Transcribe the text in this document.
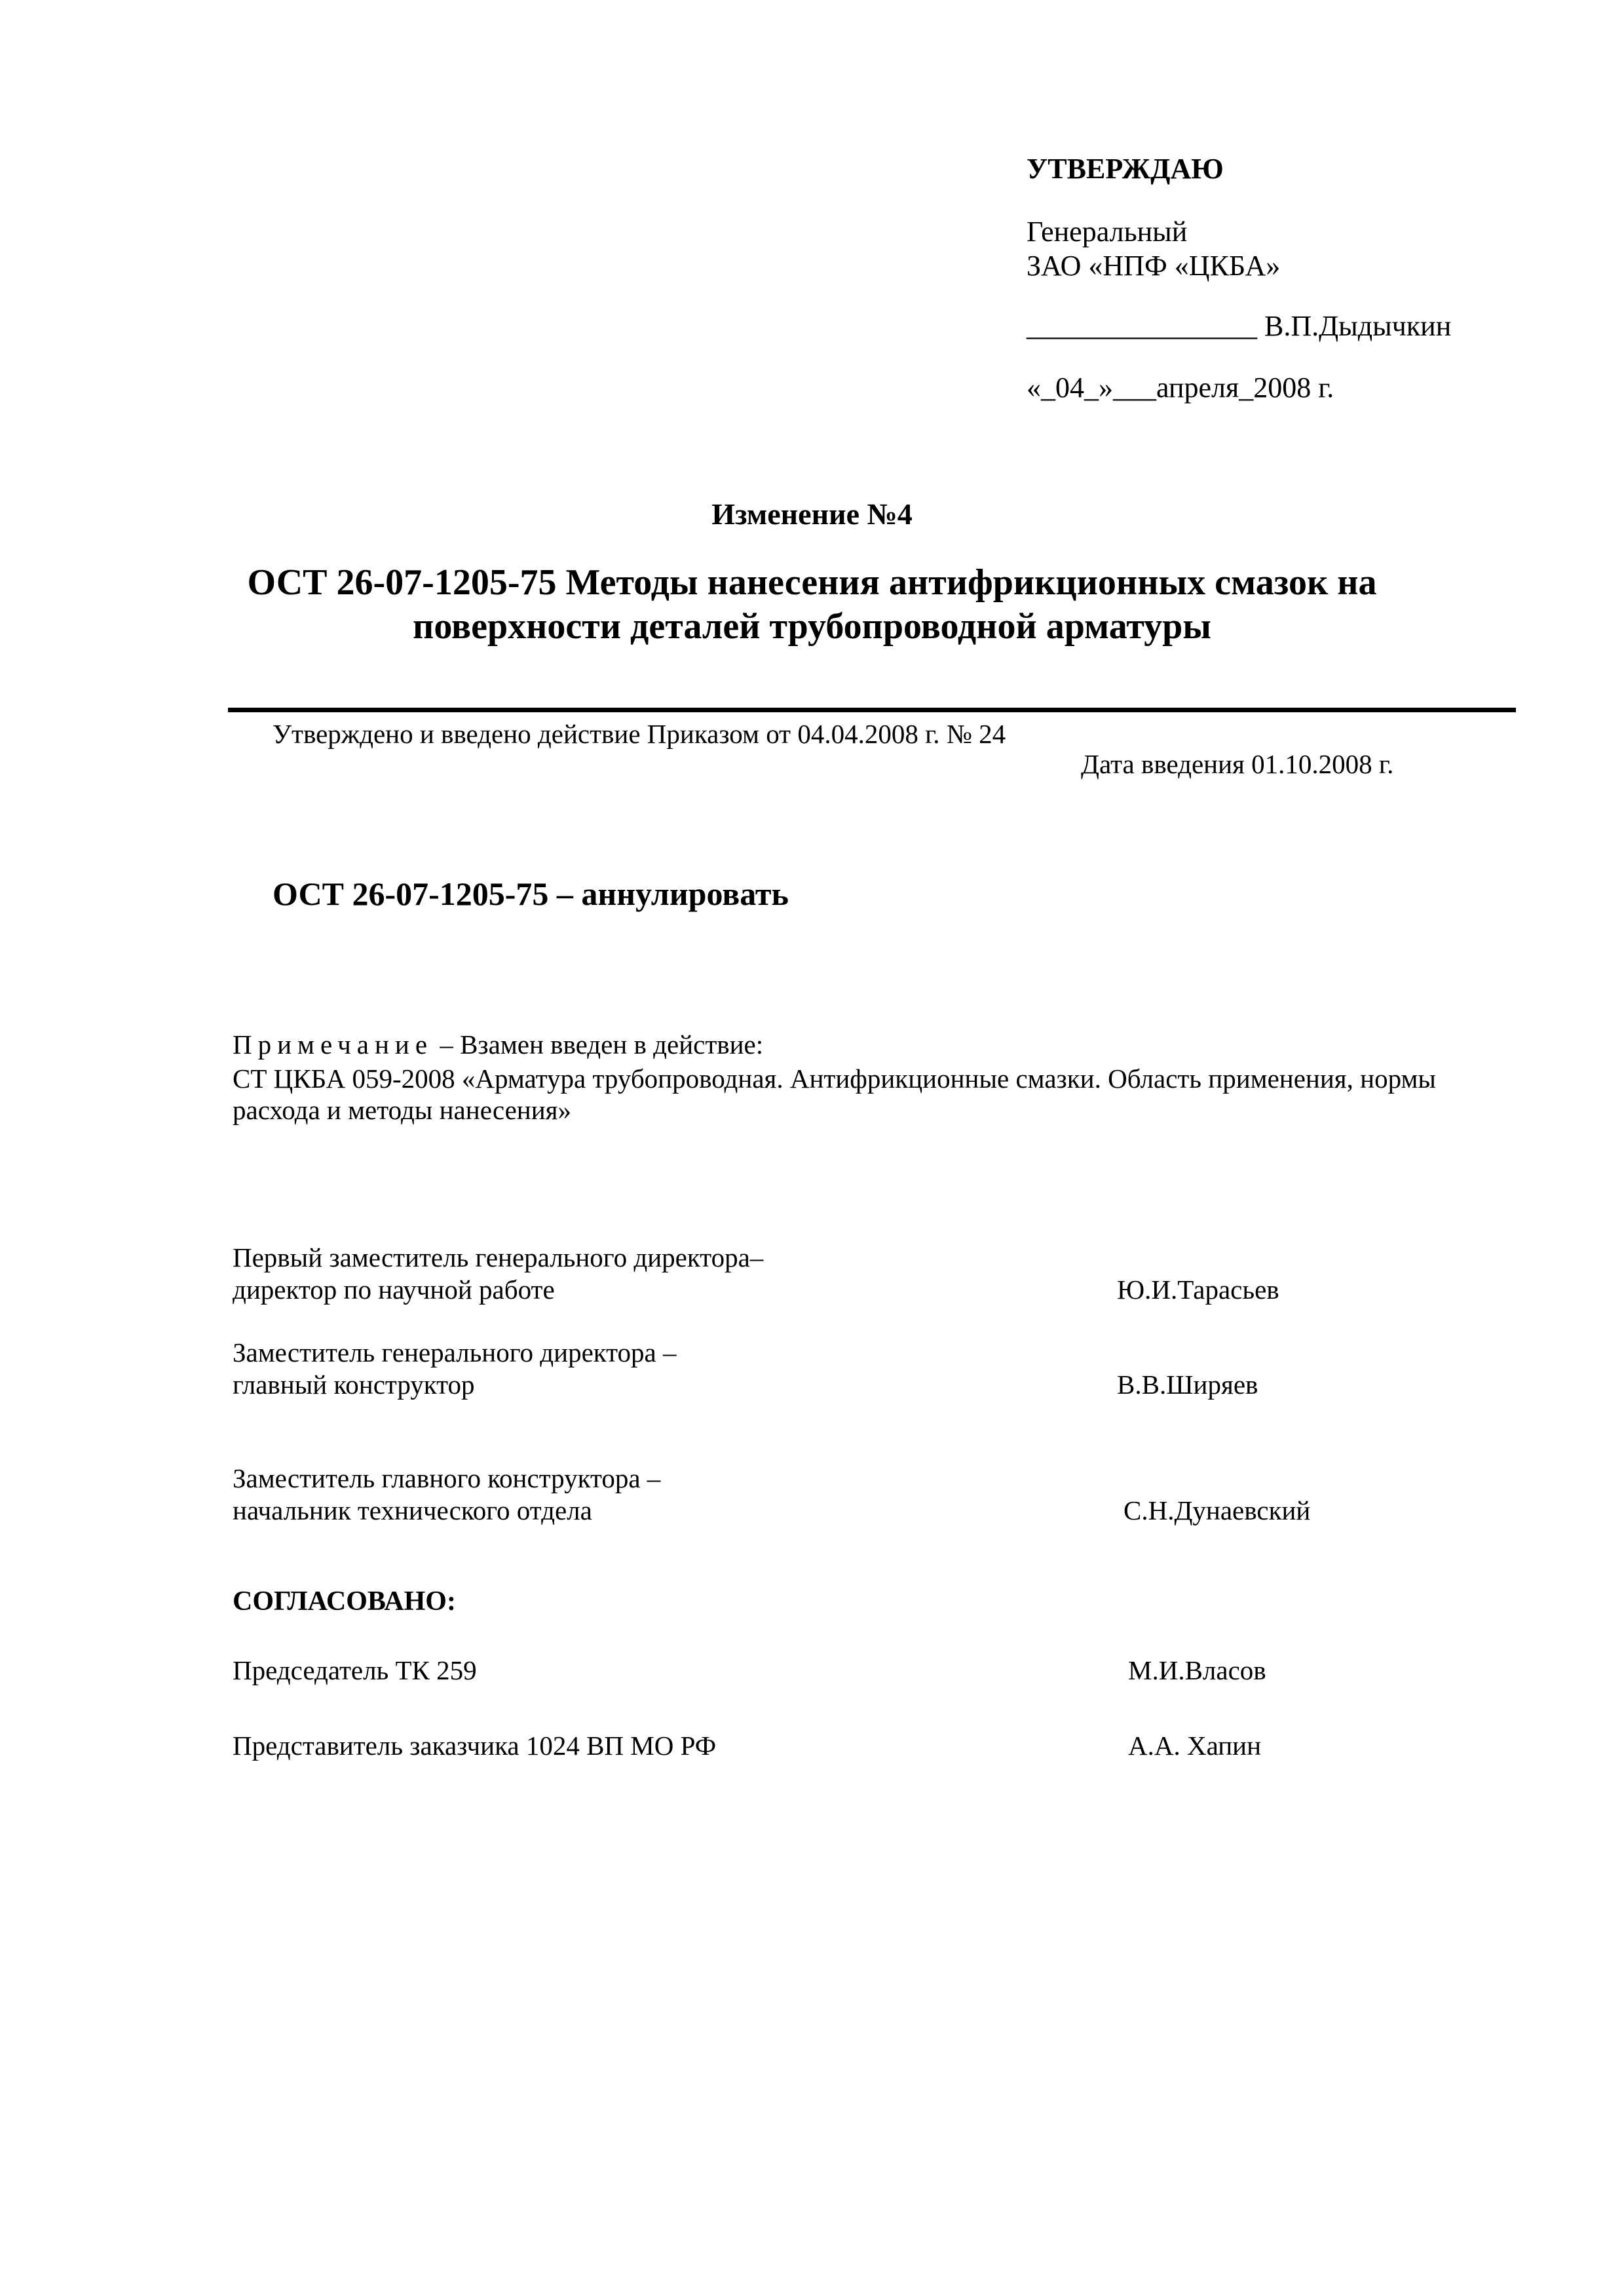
УТВЕРЖДАЮ
Генеральный
ЗАО «НПФ «ЦКБА»
________________ В.П.Дыдычкин
«_04_»___апреля_2008 г.
Изменение №4
ОСТ 26-07-1205-75 Методы нанесения антифрикционных смазок на
поверхности деталей трубопроводной арматуры
Утверждено и введено действие Приказом от 04.04.2008 г. № 24
Дата введения 01.10.2008 г.
ОСТ 26-07-1205-75 – аннулировать
Примечание – Взамен введен в действие:
СТ ЦКБА 059-2008 «Арматура трубопроводная. Антифрикционные смазки. Область применения, нормы
расхода и методы нанесения»
Первый заместитель генерального директора–
директор по научной работе	Ю.И.Тарасьев
Заместитель генерального директора –
главный конструктор	В.В.Ширяев
Заместитель главного конструктора –
начальник технического отдела	С.Н.Дунаевский
СОГЛАСОВАНО:
Председатель ТК 259	М.И.Власов
Представитель заказчика 1024 ВП МО РФ	А.А. Хапин
